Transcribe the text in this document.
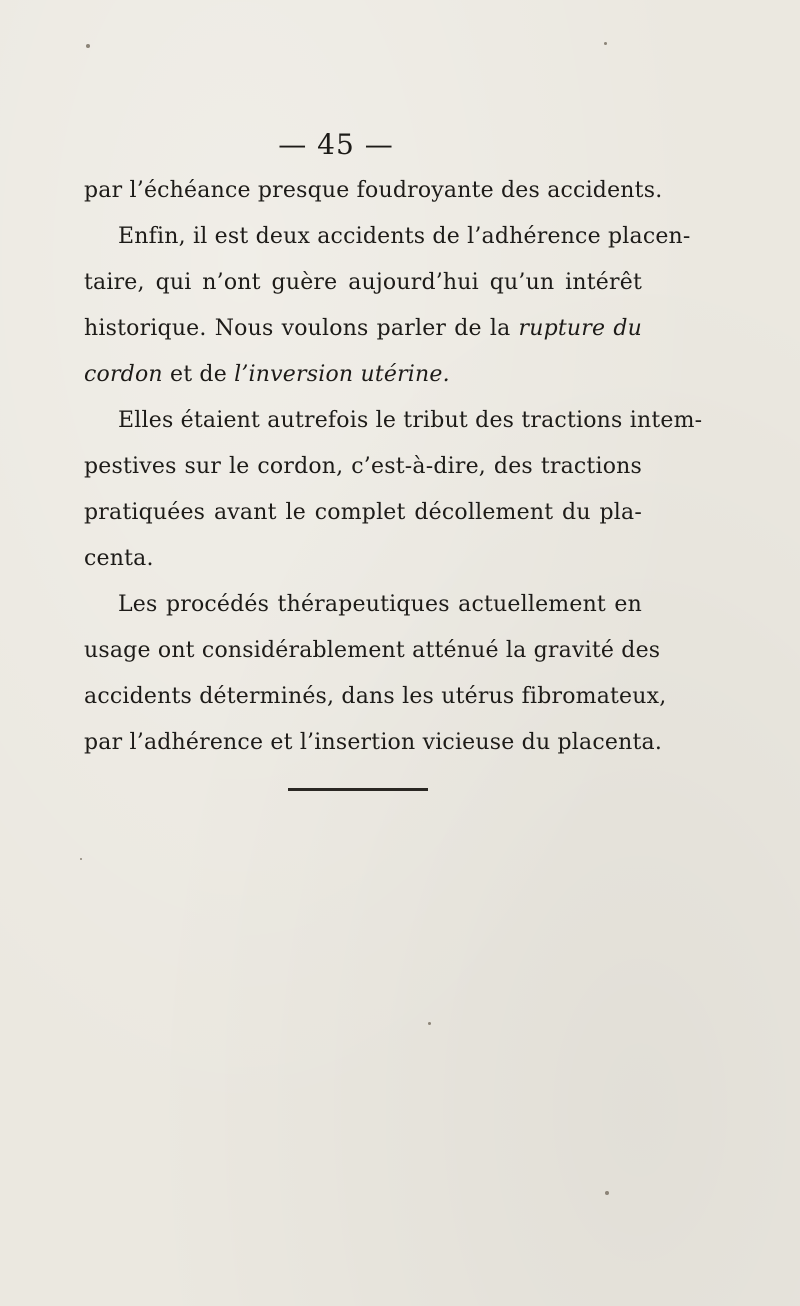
— 45 —
par l’échéance presque foudroyante des accidents.
Enfin, il est deux accidents de l’adhérence placen-
taire, qui n’ont guère aujourd’hui qu’un intérêt
historique. Nous voulons parler de la rupture du
cordon et de l’inversion utérine.
Elles étaient autrefois le tribut des tractions intem-
pestives sur le cordon, c’est-à-dire, des tractions
pratiquées avant le complet décollement du pla-
centa.
Les procédés thérapeutiques actuellement en
usage ont considérablement atténué la gravité des
accidents déterminés, dans les utérus fibromateux,
par l’adhérence et l’insertion vicieuse du placenta.
